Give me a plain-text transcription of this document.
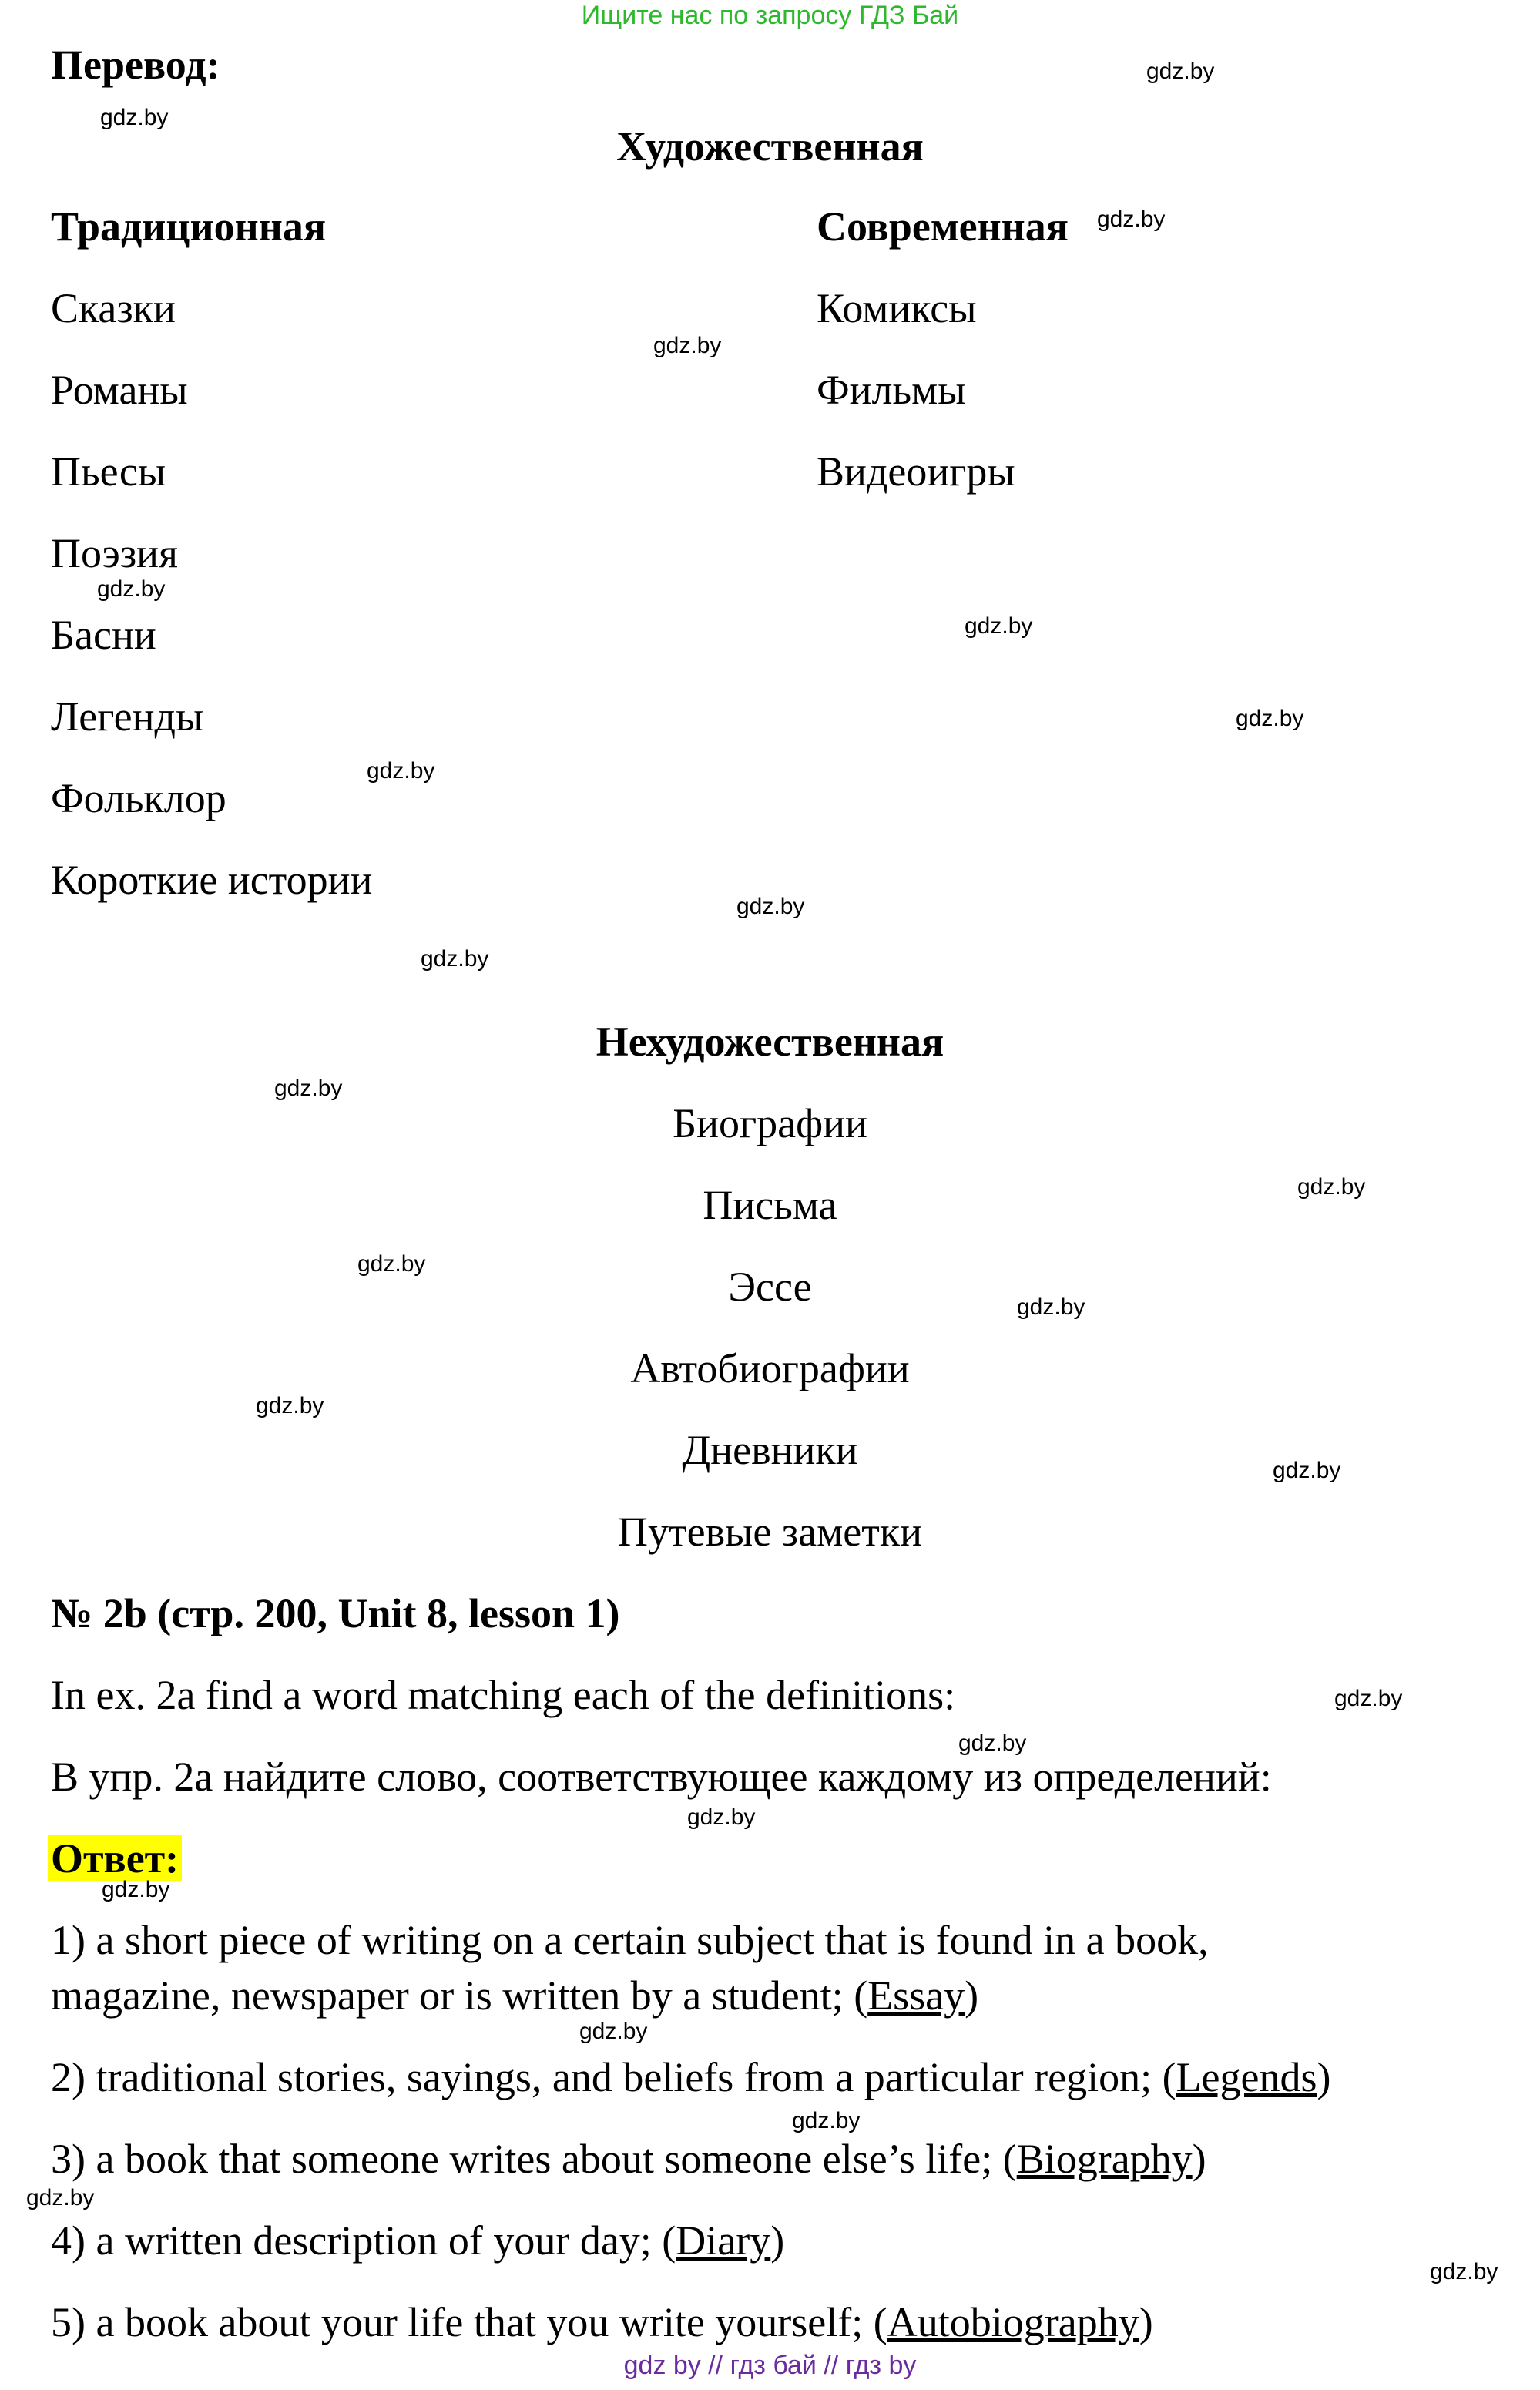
Ищите нас по запросу ГДЗ Бай
Перевод:
Художественная
Традиционная
Сказки
Романы
Пьесы
Поэзия
Басни
Легенды
Фольклор
Короткие истории
Современная
Комиксы
Фильмы
Видеоигры
Нехудожественная
Биографии
Письма
Эссе
Автобиографии
Дневники
Путевые заметки
№ 2b (стр. 200, Unit 8, lesson 1)
In ex. 2a find a word matching each of the definitions:
В упр. 2а найдите слово, соответствующее каждому из определений:
Ответ:
1) a short piece of writing on a certain subject that is found in a book,
magazine, newspaper or is written by a student; (Essay)
2) traditional stories, sayings, and beliefs from a particular region; (Legends)
3) a book that someone writes about someone else’s life; (Biography)
4) a written description of your day; (Diary)
5) a book about your life that you write yourself; (Autobiography)
gdz.by
gdz.by
gdz.by
gdz.by
gdz.by
gdz.by
gdz.by
gdz.by
gdz.by
gdz.by
gdz.by
gdz.by
gdz.by
gdz.by
gdz.by
gdz.by
gdz.by
gdz.by
gdz.by
gdz.by
gdz.by
gdz.by
gdz.by
gdz.by
gdz by // гдз бай // гдз by
